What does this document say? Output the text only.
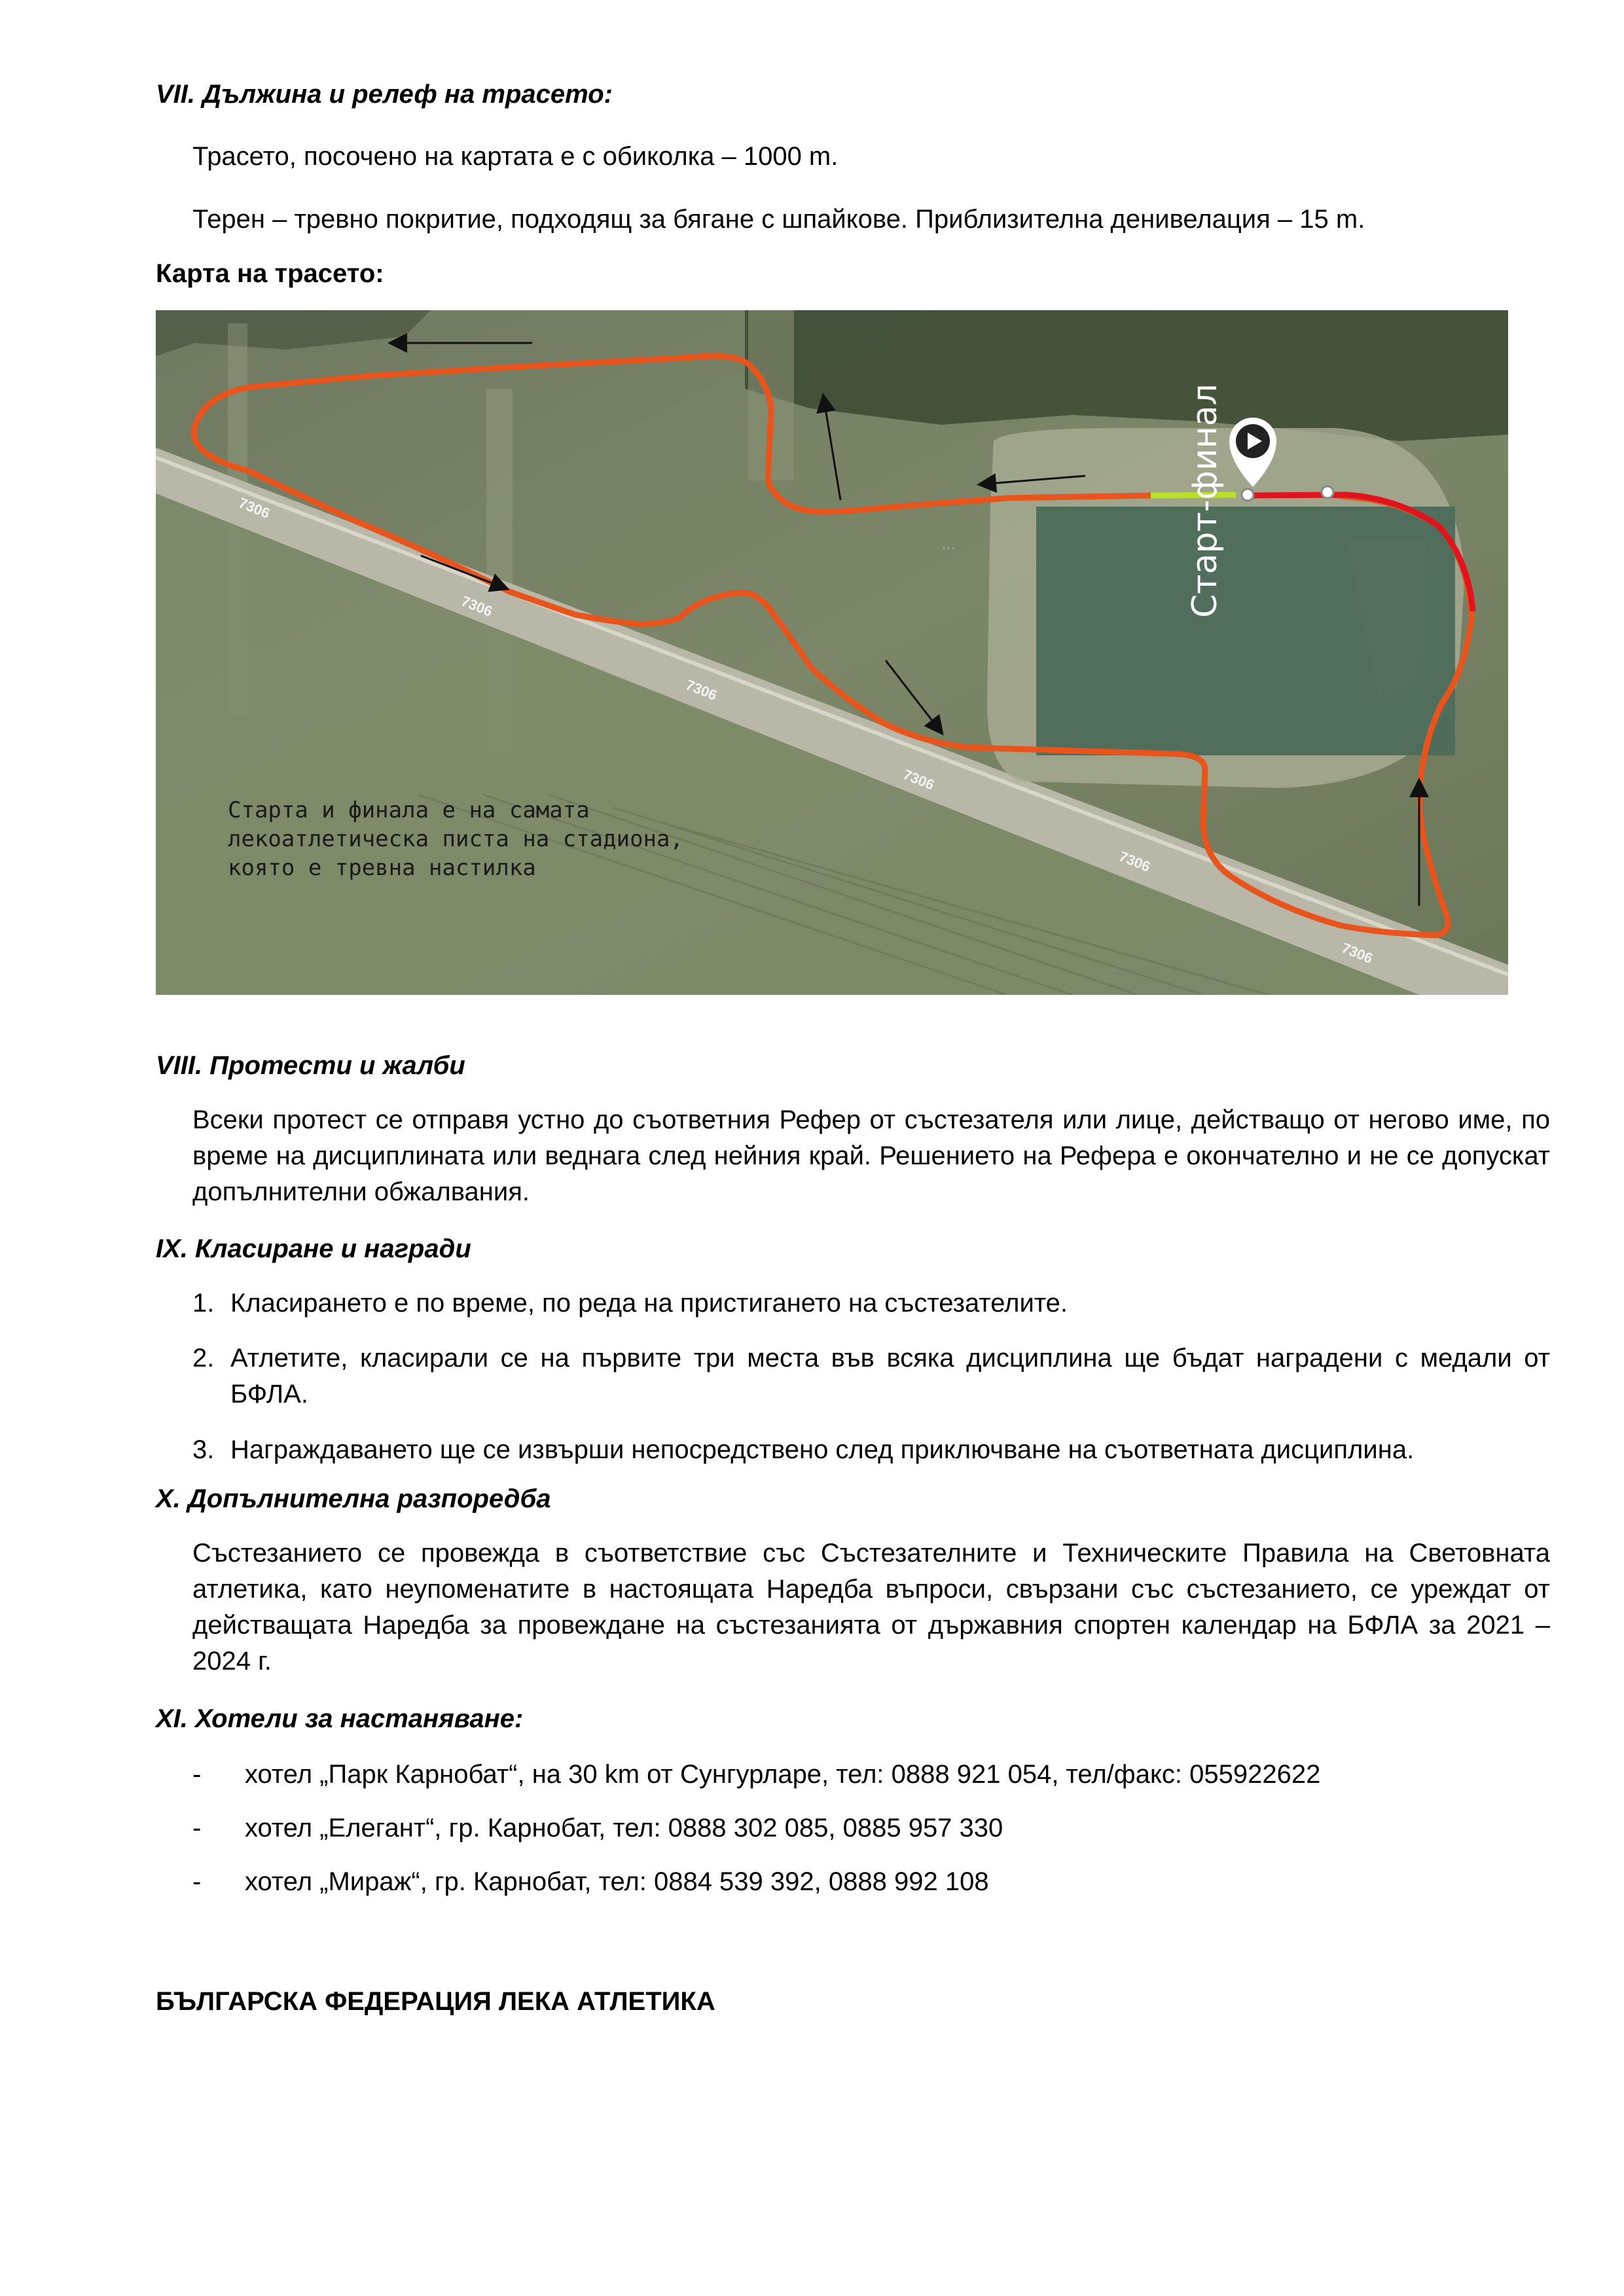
VII. Дължина и релеф на трасето:

Трасето, посочено на картата е с обиколка – 1000 m.

Терен – тревно покритие, подходящ за бягане с шпайкове. Приблизителна денивелация – 15 m.

Карта на трасето:
7306
7306
7306
7306
7306
7306
…	Старт-финал
Старта и финала е на самата
лекоатлетическа писта на стадиона,
която е тревна настилка
VIII. Протести и жалби

Всеки протест се отправя устно до съответния Рефер от състезателя или лице, действащо от негово име, по време на дисциплината или веднага след нейния край. Решението на Рефера е окончателно и не се допускат допълнителни обжалвания.

IX. Класиране и награди
1. Класирането е по време, по реда на пристигането на състезателите.
2. Атлетите, класирали се на първите три места във всяка дисциплина ще бъдат наградени с медали от БФЛА.
3. Награждаването ще се извърши непосредствено след приключване на съответната дисциплина.
X. Допълнителна разпоредба

Състезанието се провежда в съответствие със Състезателните и Техническите Правила на Световната атлетика, като неупоменатите в настоящата Наредба въпроси, свързани със състезанието, се уреждат от действащата Наредба за провеждане на състезанията от държавния спортен календар на БФЛА за 2021 – 2024 г.

XI. Хотели за настаняване:
- хотел „Парк Карнобат“, на 30 km от Сунгурларе, тел: 0888 921 054, тел/факс: 055922622
- хотел „Елегант“, гр. Карнобат, тел: 0888 302 085, 0885 957 330
- хотел „Мираж“, гр. Карнобат, тел: 0884 539 392, 0888 992 108
БЪЛГАРСКА ФЕДЕРАЦИЯ ЛЕКА АТЛЕТИКА
